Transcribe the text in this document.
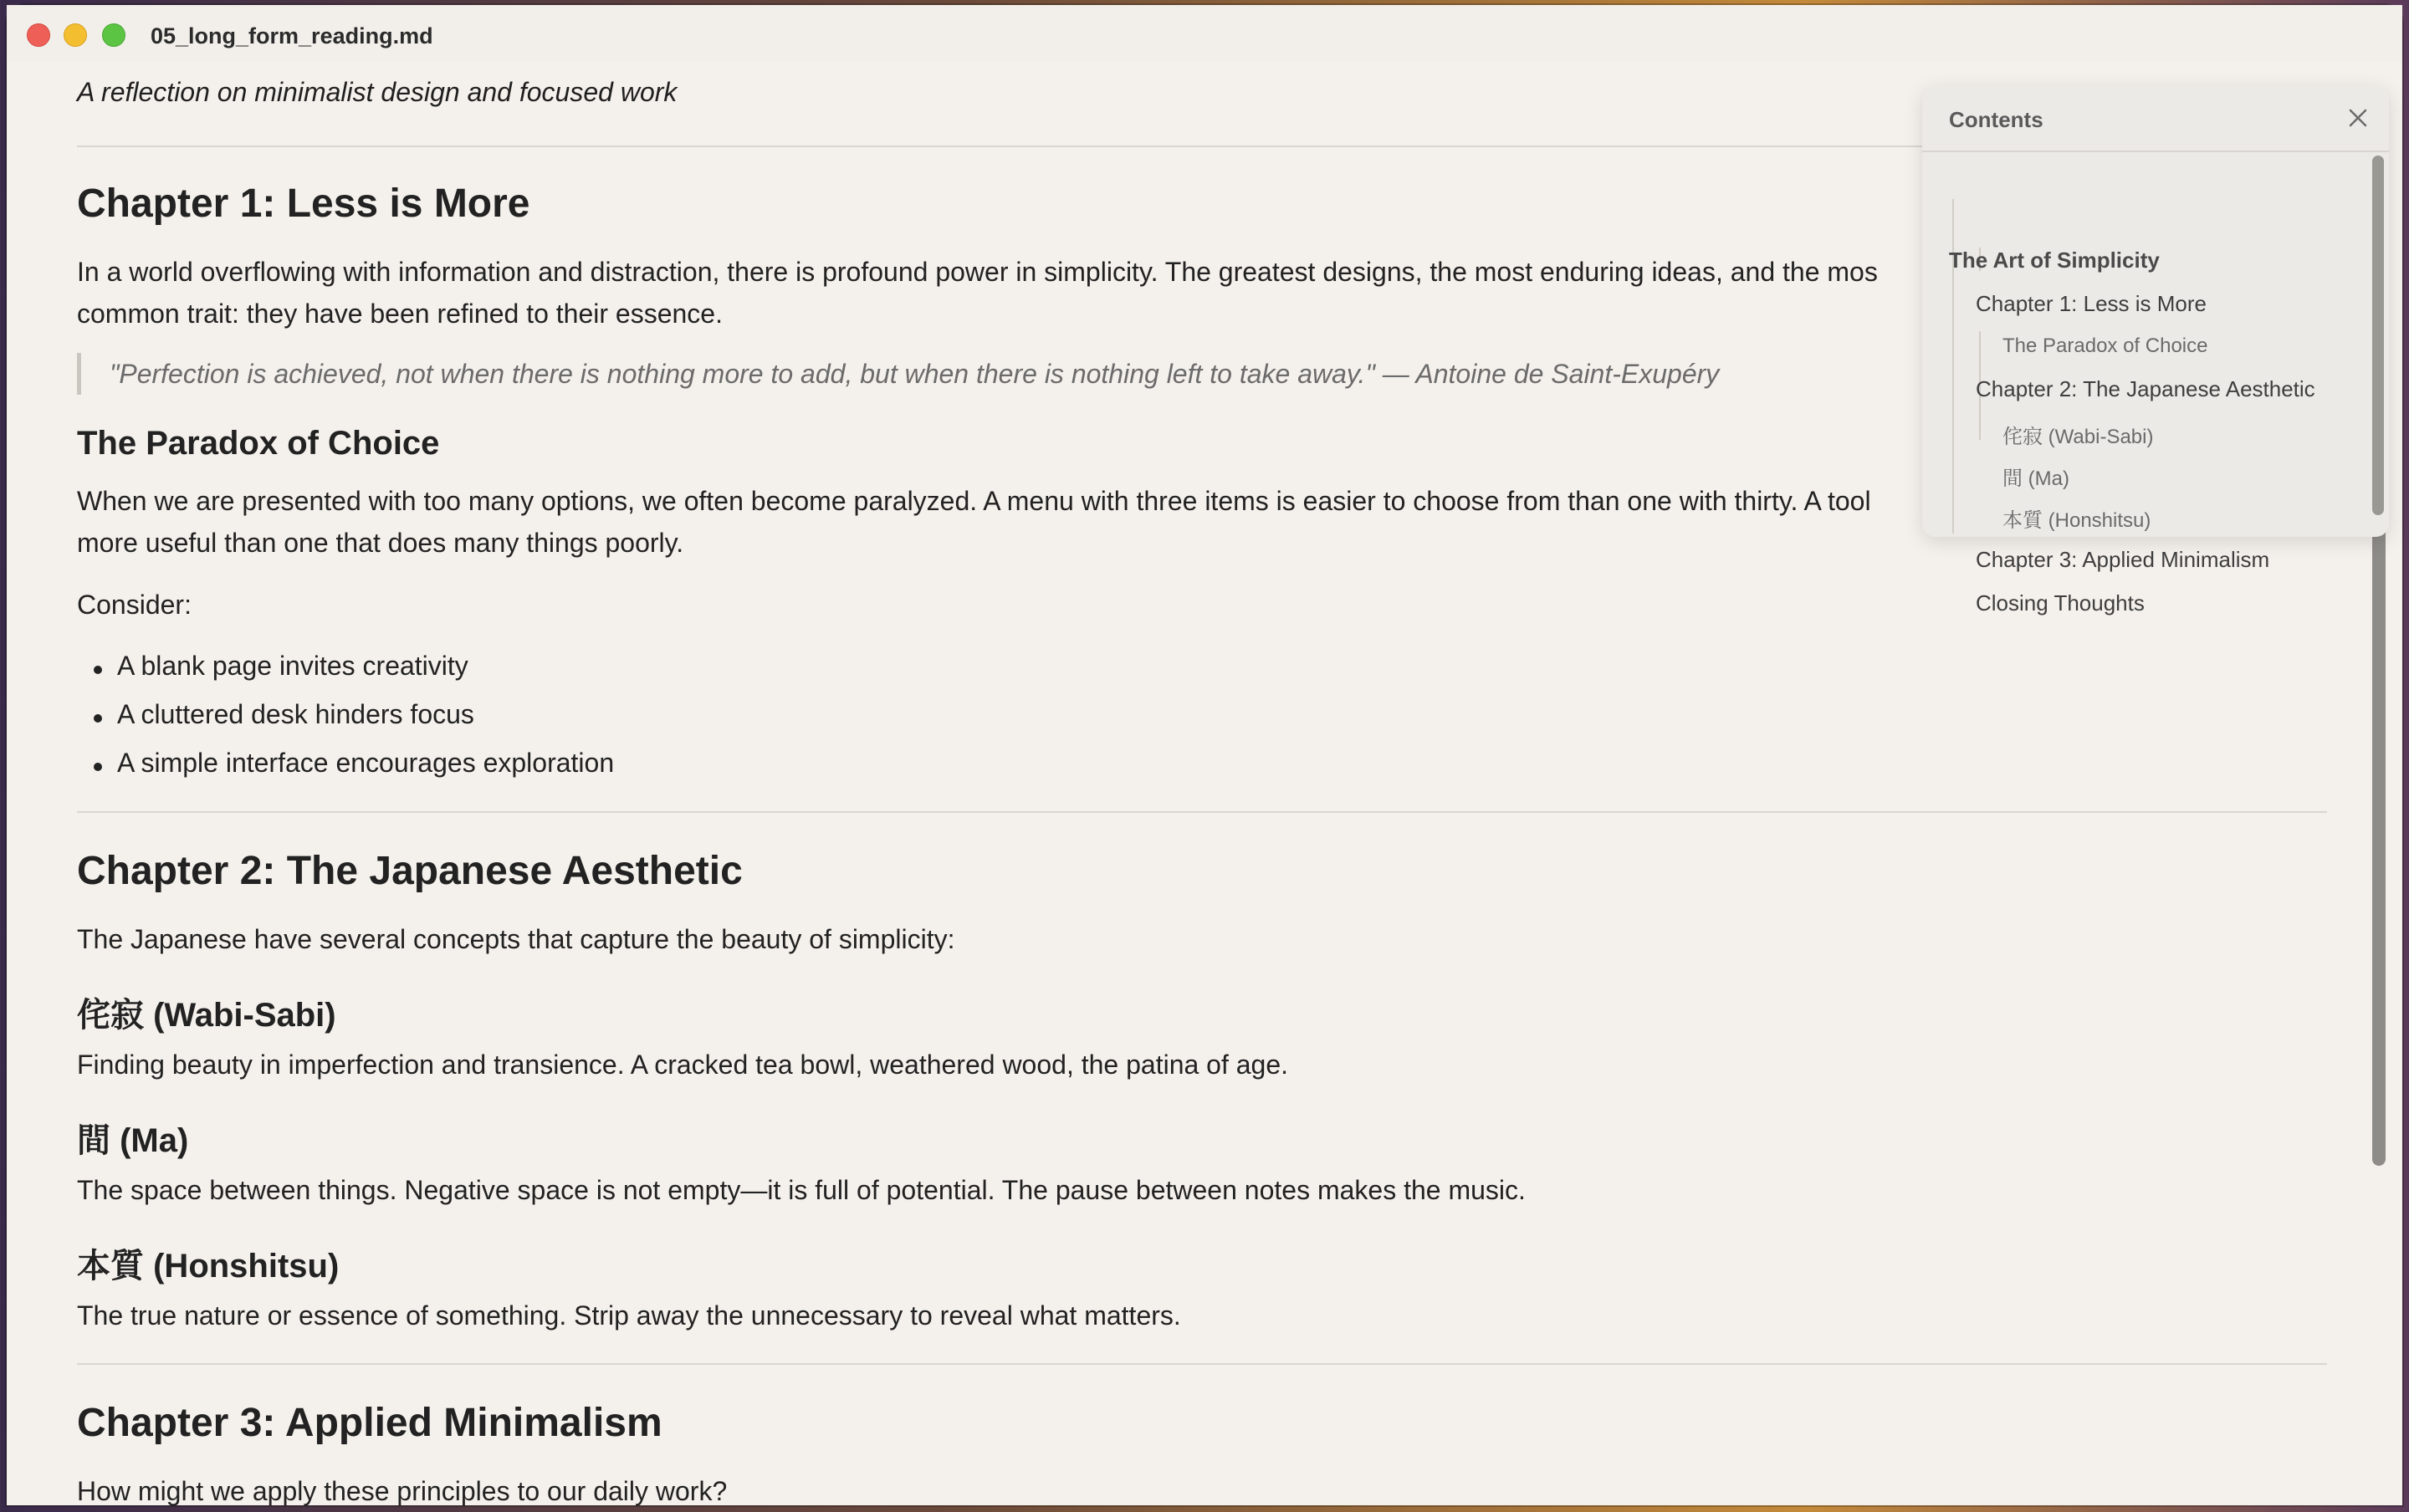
05_long_form_reading.md
A reflection on minimalist design and focused work
Chapter 1: Less is More
In a world overflowing with information and distraction, there is profound power in simplicity. The greatest designs, the most enduring ideas, and the mos
common trait: they have been refined to their essence.
"Perfection is achieved, not when there is nothing more to add, but when there is nothing left to take away." — Antoine de Saint-Exupéry
The Paradox of Choice
When we are presented with too many options, we often become paralyzed. A menu with three items is easier to choose from than one with thirty. A tool
more useful than one that does many things poorly.
Consider:
A blank page invites creativity
A cluttered desk hinders focus
A simple interface encourages exploration
Chapter 2: The Japanese Aesthetic
The Japanese have several concepts that capture the beauty of simplicity:
侘寂 (Wabi-Sabi)
Finding beauty in imperfection and transience. A cracked tea bowl, weathered wood, the patina of age.
間 (Ma)
The space between things. Negative space is not empty—it is full of potential. The pause between notes makes the music.
本質 (Honshitsu)
The true nature or essence of something. Strip away the unnecessary to reveal what matters.
Chapter 3: Applied Minimalism
How might we apply these principles to our daily work?
Contents
The Art of Simplicity
Chapter 1: Less is More
The Paradox of Choice
Chapter 2: The Japanese Aesthetic
侘寂 (Wabi-Sabi)
間 (Ma)
本質 (Honshitsu)
Chapter 3: Applied Minimalism
Closing Thoughts
